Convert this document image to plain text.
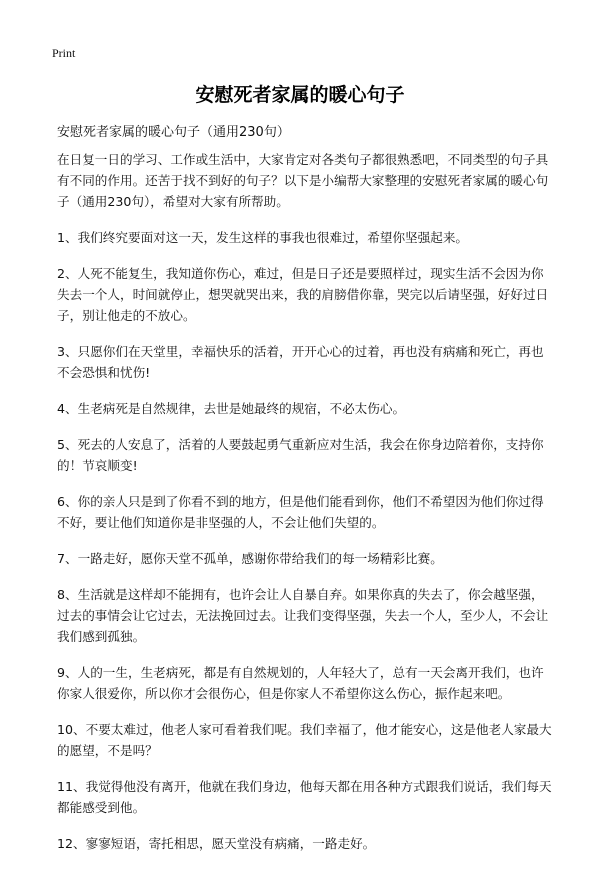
Print
安慰死者家属的暖心句子

安慰死者家属的暖心句子（通用230句）

在日复一日的学习、工作或生活中，大家肯定对各类句子都很熟悉吧，不同类型的句子具有不同的作用。还苦于找不到好的句子？以下是小编帮大家整理的安慰死者家属的暖心句子（通用230句），希望对大家有所帮助。

1、我们终究要面对这一天，发生这样的事我也很难过，希望你坚强起来。

2、人死不能复生，我知道你伤心，难过，但是日子还是要照样过，现实生活不会因为你失去一个人，时间就停止，想哭就哭出来，我的肩膀借你靠，哭完以后请坚强，好好过日子，别让他走的不放心。

3、只愿你们在天堂里，幸福快乐的活着，开开心心的过着，再也没有病痛和死亡，再也不会恐惧和忧伤!

4、生老病死是自然规律，去世是她最终的规宿，不必太伤心。

5、死去的人安息了，活着的人要鼓起勇气重新应对生活，我会在你身边陪着你，支持你的！节哀顺变!

6、你的亲人只是到了你看不到的地方，但是他们能看到你，他们不希望因为他们你过得不好，要让他们知道你是非坚强的人，不会让他们失望的。

7、一路走好，愿你天堂不孤单，感谢你带给我们的每一场精彩比赛。

8、生活就是这样却不能拥有，也许会让人自暴自弃。如果你真的失去了，你会越坚强，过去的事情会让它过去，无法挽回过去。让我们变得坚强，失去一个人，至少人，不会让我们感到孤独。

9、人的一生，生老病死，都是有自然规划的，人年轻大了，总有一天会离开我们，也许你家人很爱你，所以你才会很伤心，但是你家人不希望你这么伤心，振作起来吧。

10、不要太难过，他老人家可看着我们呢。我们幸福了，他才能安心，这是他老人家最大的愿望，不是吗？

11、我觉得他没有离开，他就在我们身边，他每天都在用各种方式跟我们说话，我们每天都能感受到他。

12、寥寥短语，寄托相思，愿天堂没有病痛，一路走好。
